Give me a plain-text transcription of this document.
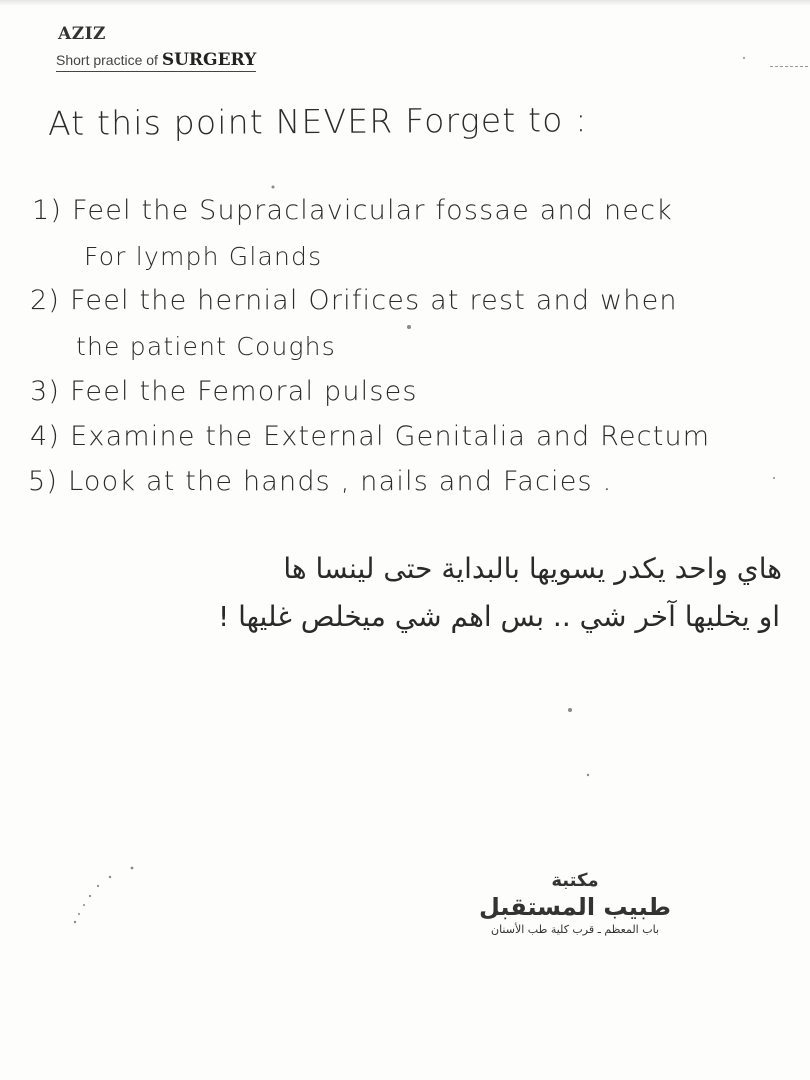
AZIZ
Short practice of SURGERY
At this point NEVER Forget to :
1) Feel the Supraclavicular fossae and neck
For lymph Glands
2) Feel the hernial Orifices at rest and when
the patient Coughs
3) Feel the Femoral pulses
4) Examine the External Genitalia and Rectum
5) Look at the hands , nails and Facies .
هاي واحد يكدر يسويها بالبداية حتى لينسا ها
او يخليها آخر شي .. بس اهم شي ميخلص غليها !
مكتبة
طبيب المستقبل
باب المعظم ـ قرب كلية طب الأسنان
